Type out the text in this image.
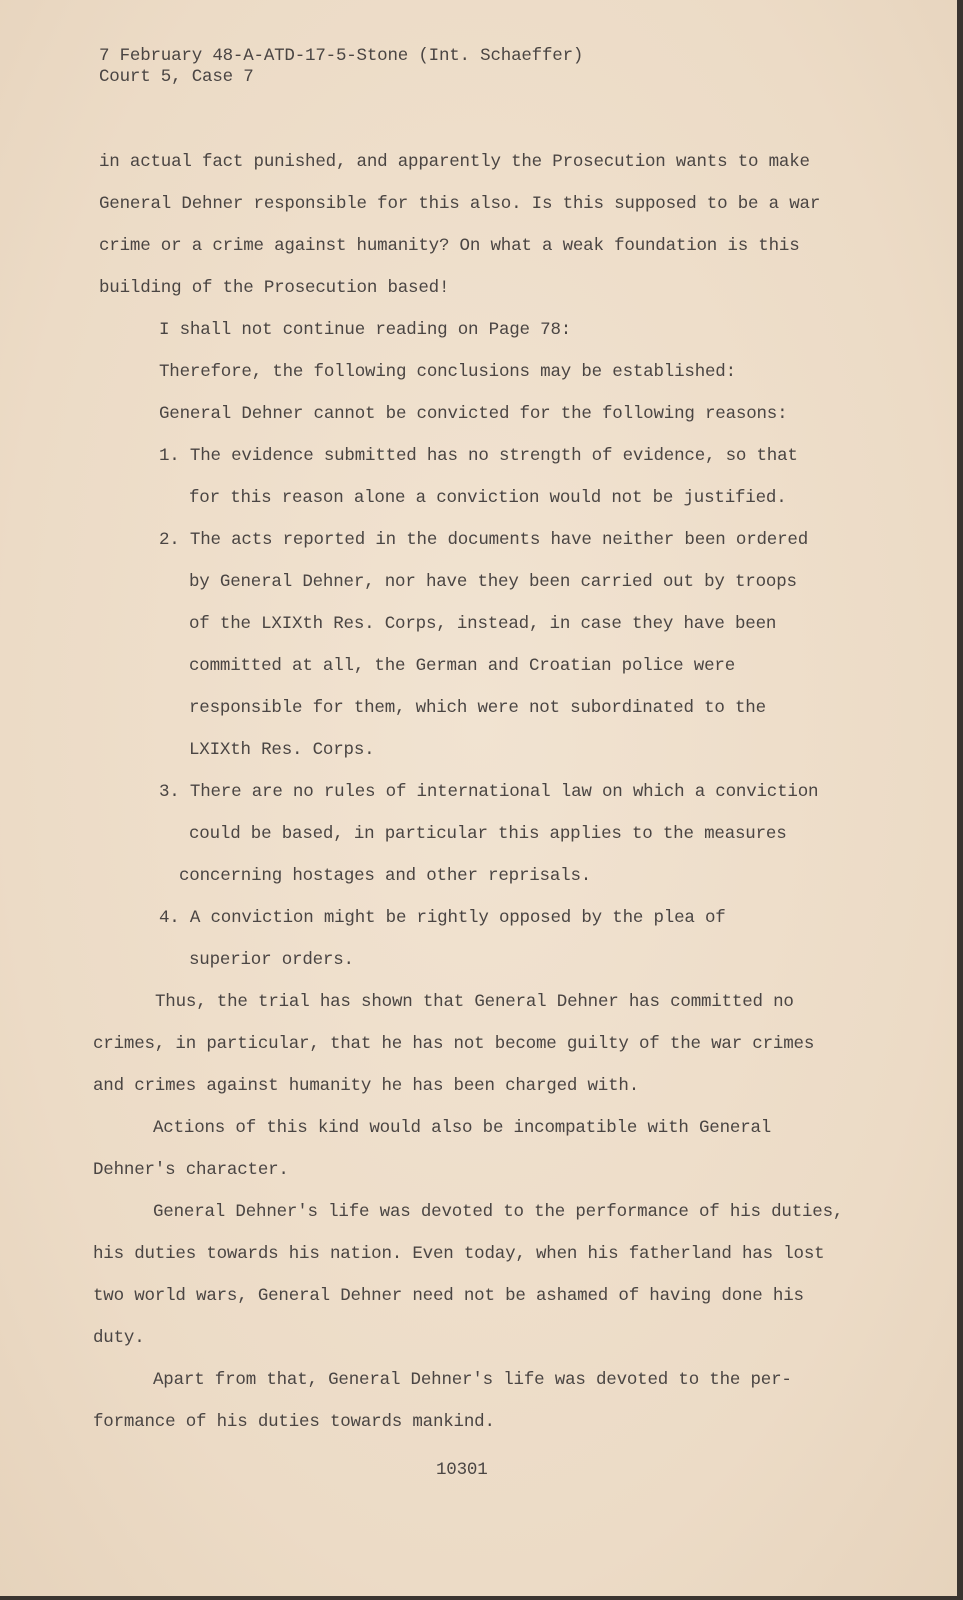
7 February 48-A-ATD-17-5-Stone (Int. Schaeffer)

Court 5, Case 7

in actual fact punished, and apparently the Prosecution wants to make

General Dehner responsible for this also. Is this supposed to be a war

crime or a crime against humanity? On what a weak foundation is this

building of the Prosecution based!

I shall not continue reading on Page 78:

Therefore, the following conclusions may be established:

General Dehner cannot be convicted for the following reasons:

1. The evidence submitted has no strength of evidence, so that

for this reason alone a conviction would not be justified.

2. The acts reported in the documents have neither been ordered

by General Dehner, nor have they been carried out by troops

of the LXIXth Res. Corps, instead, in case they have been

committed at all, the German and Croatian police were

responsible for them, which were not subordinated to the

LXIXth Res. Corps.

3. There are no rules of international law on which a conviction

could be based, in particular this applies to the measures

concerning hostages and other reprisals.

4. A conviction might be rightly opposed by the plea of

superior orders.

Thus, the trial has shown that General Dehner has committed no

crimes, in particular, that he has not become guilty of the war crimes

and crimes against humanity he has been charged with.

Actions of this kind would also be incompatible with General

Dehner's character.

General Dehner's life was devoted to the performance of his duties,

his duties towards his nation. Even today, when his fatherland has lost

two world wars, General Dehner need not be ashamed of having done his

duty.

Apart from that, General Dehner's life was devoted to the per-

formance of his duties towards mankind.

10301
